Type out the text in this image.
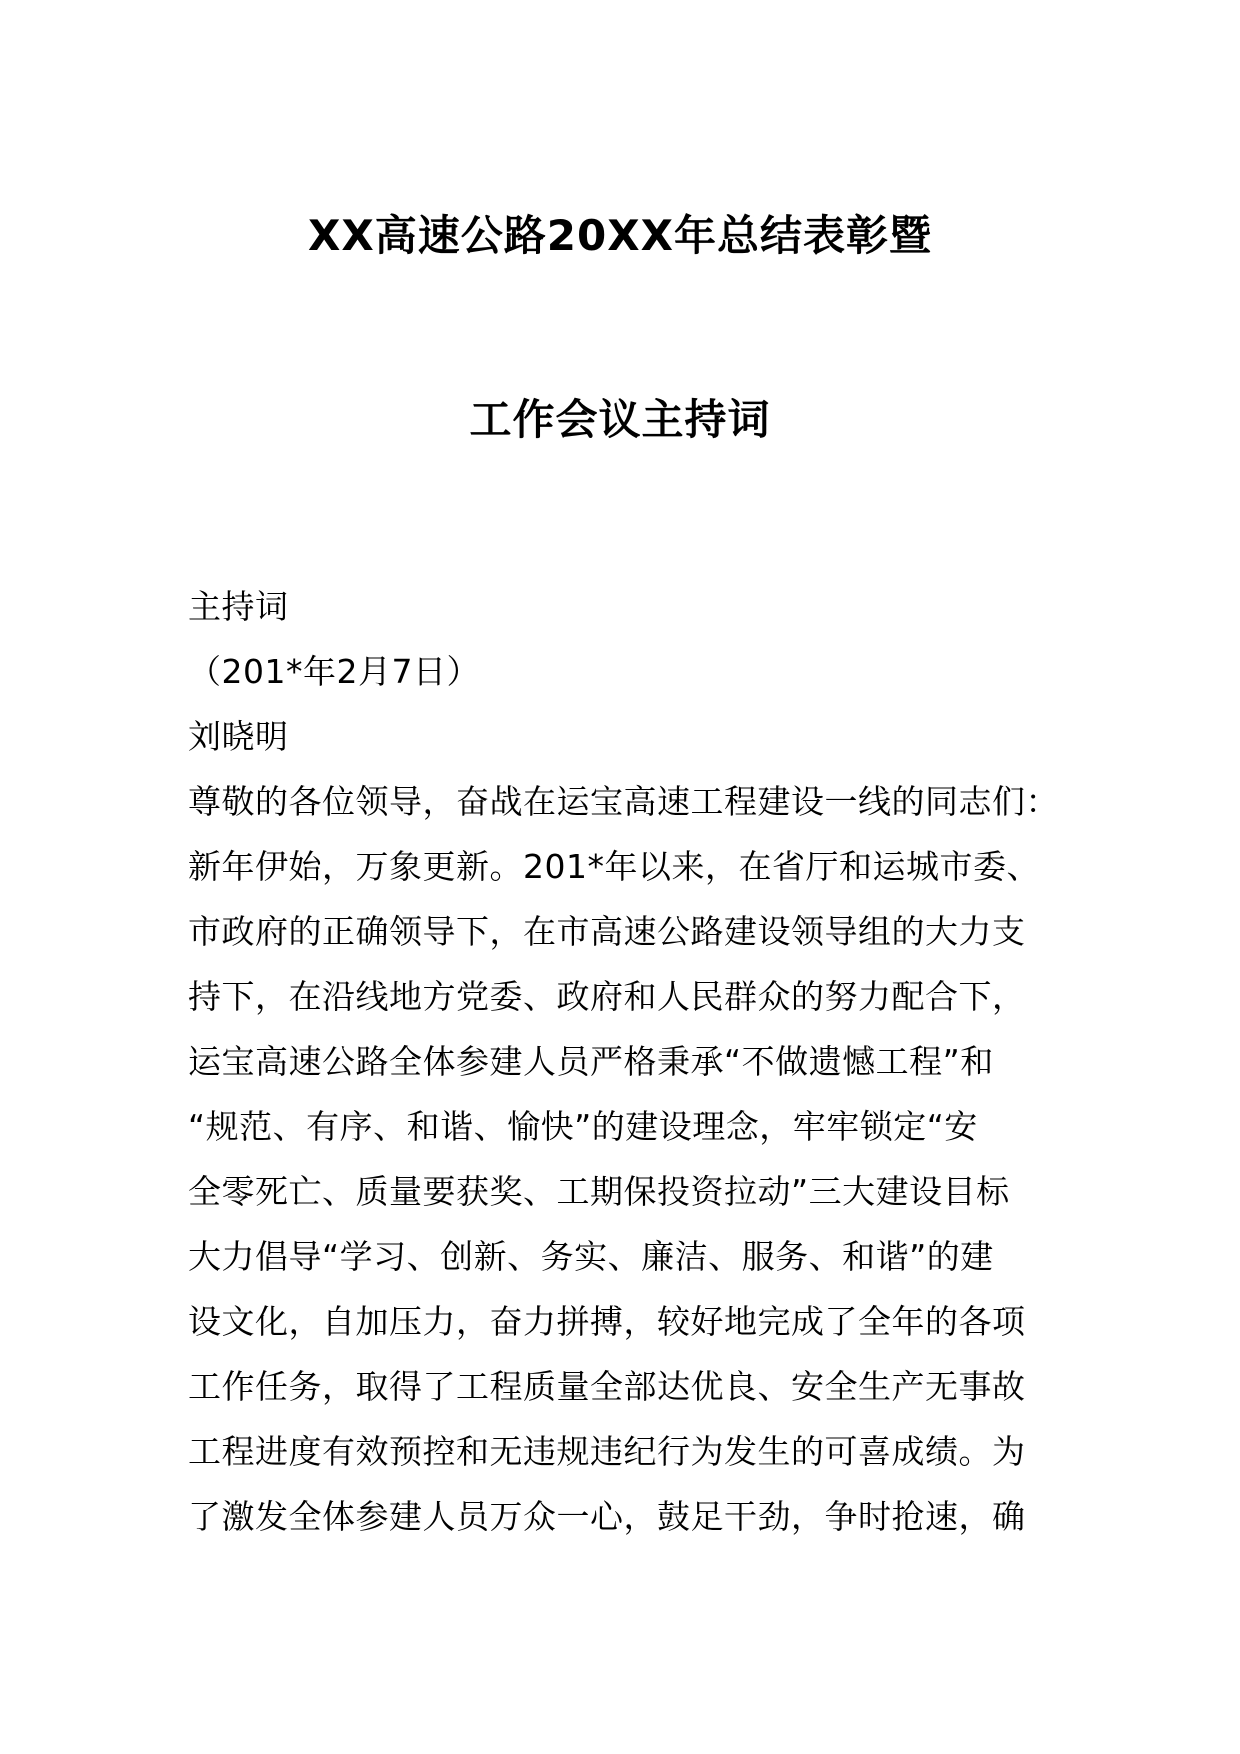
XX高速公路20XX年总结表彰暨
工作会议主持词
主持词
（201*年2月7日）
刘晓明
尊敬的各位领导，奋战在运宝高速工程建设一线的同志们：
新年伊始，万象更新。201*年以来，在省厅和运城市委、
市政府的正确领导下，在市高速公路建设领导组的大力支
持下，在沿线地方党委、政府和人民群众的努力配合下，
运宝高速公路全体参建人员严格秉承“不做遗憾工程”和
“规范、有序、和谐、愉快”的建设理念，牢牢锁定“安
全零死亡、质量要获奖、工期保投资拉动”三大建设目标
大力倡导“学习、创新、务实、廉洁、服务、和谐”的建
设文化，自加压力，奋力拼搏，较好地完成了全年的各项
工作任务，取得了工程质量全部达优良、安全生产无事故
工程进度有效预控和无违规违纪行为发生的可喜成绩。为
了激发全体参建人员万众一心，鼓足干劲，争时抢速，确
